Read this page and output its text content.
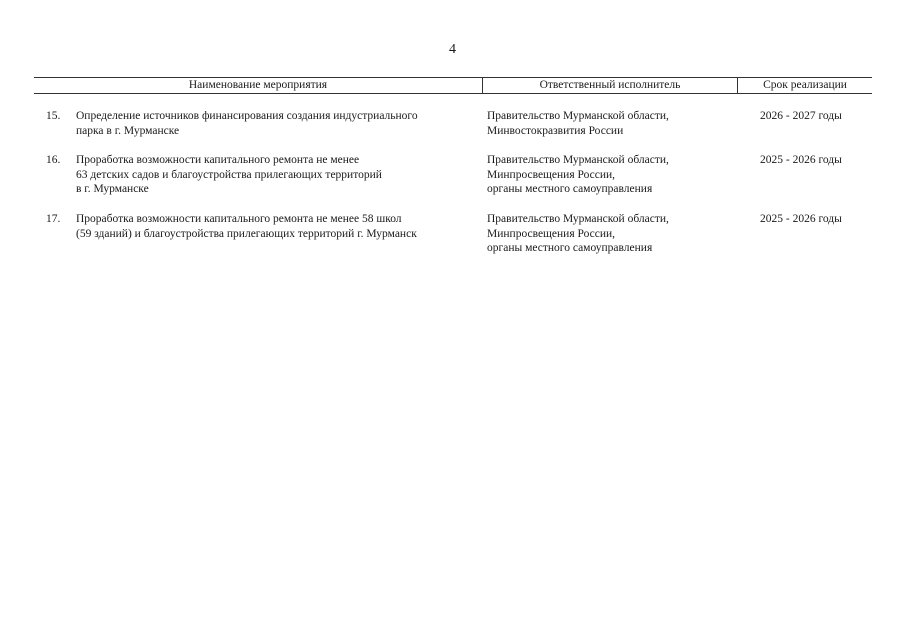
4
Наименование мероприятия	Ответственный исполнитель	Срок реализации
15. Определение источников финансирования создания индустриального
парка в г. Мурманске
Правительство Мурманской области,
Минвостокразвития России
2026 - 2027 годы
16. Проработка возможности капитального ремонта не менее
63 детских садов и благоустройства прилегающих территорий
в г. Мурманске
Правительство Мурманской области,
Минпросвещения России,
органы местного самоуправления
2025 - 2026 годы
17. Проработка возможности капитального ремонта не менее 58 школ
(59 зданий) и благоустройства прилегающих территорий г. Мурманск
Правительство Мурманской области,
Минпросвещения России,
органы местного самоуправления
2025 - 2026 годы
